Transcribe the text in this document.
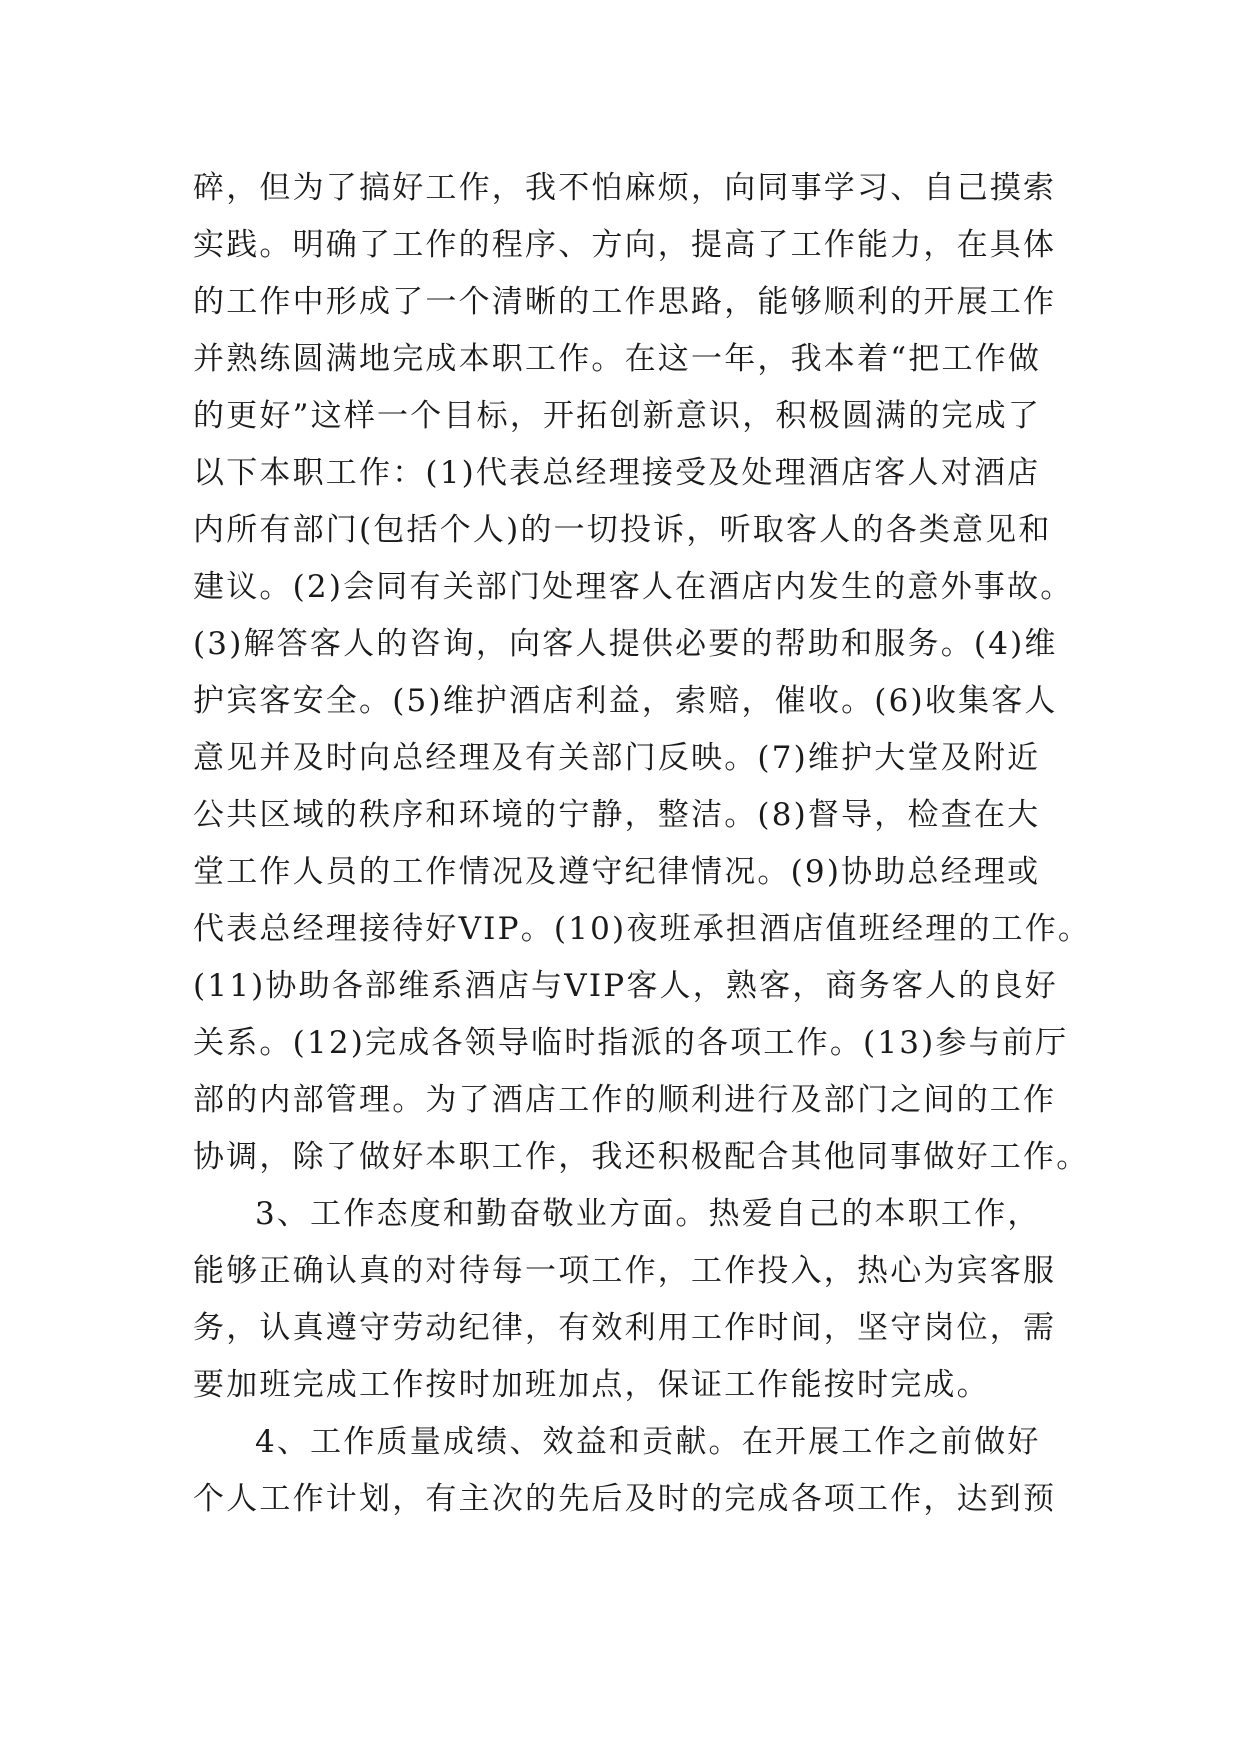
碎，但为了搞好工作，我不怕麻烦，向同事学习、自己摸索
实践。明确了工作的程序、方向，提高了工作能力，在具体
的工作中形成了一个清晰的工作思路，能够顺利的开展工作
并熟练圆满地完成本职工作。在这一年，我本着“把工作做
的更好”这样一个目标，开拓创新意识，积极圆满的完成了
以下本职工作：(1)代表总经理接受及处理酒店客人对酒店
内所有部门(包括个人)的一切投诉，听取客人的各类意见和
建议。(2)会同有关部门处理客人在酒店内发生的意外事故。
(3)解答客人的咨询，向客人提供必要的帮助和服务。(4)维
护宾客安全。(5)维护酒店利益，索赔，催收。(6)收集客人
意见并及时向总经理及有关部门反映。(7)维护大堂及附近
公共区域的秩序和环境的宁静，整洁。(8)督导，检查在大
堂工作人员的工作情况及遵守纪律情况。(9)协助总经理或
代表总经理接待好VIP。(10)夜班承担酒店值班经理的工作。
(11)协助各部维系酒店与VIP客人，熟客，商务客人的良好
关系。(12)完成各领导临时指派的各项工作。(13)参与前厅
部的内部管理。为了酒店工作的顺利进行及部门之间的工作
协调，除了做好本职工作，我还积极配合其他同事做好工作。
3、工作态度和勤奋敬业方面。热爱自己的本职工作，
能够正确认真的对待每一项工作，工作投入，热心为宾客服
务，认真遵守劳动纪律，有效利用工作时间，坚守岗位，需
要加班完成工作按时加班加点，保证工作能按时完成。
4、工作质量成绩、效益和贡献。在开展工作之前做好
个人工作计划，有主次的先后及时的完成各项工作，达到预
